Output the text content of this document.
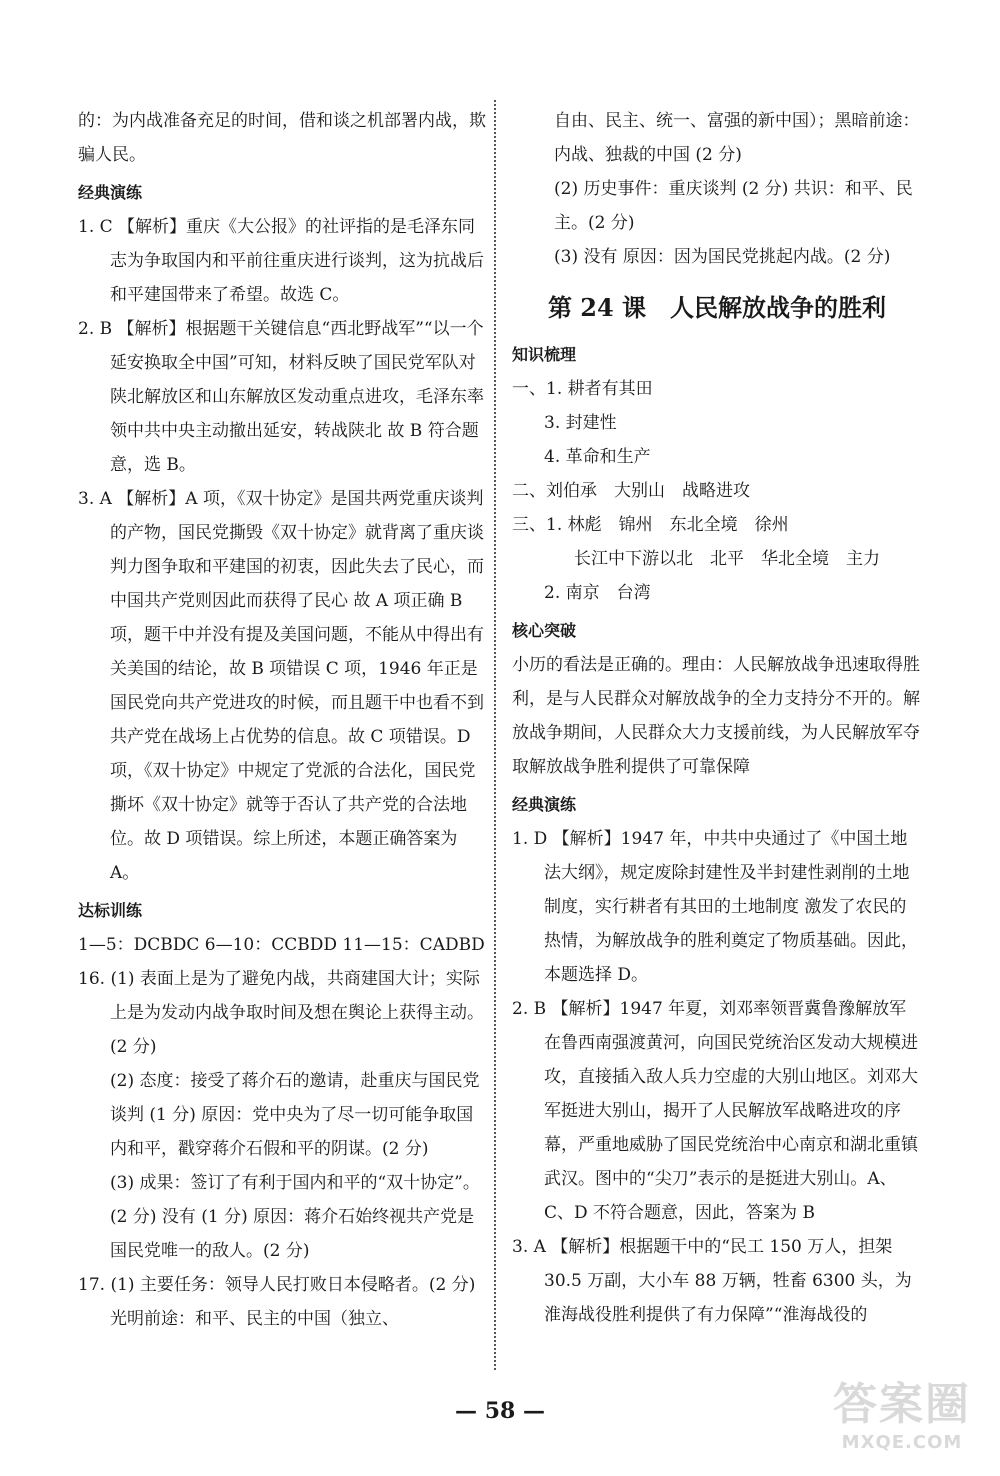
的：为内战准备充足的时间，借和谈之机部署内战，欺骗人民。

经典演练

1. C 【解析】重庆《大公报》的社评指的是毛泽东同志为争取国内和平前往重庆进行谈判，这为抗战后和平建国带来了希望。故选 C。

2. B 【解析】根据题干关键信息“西北野战军”“以一个延安换取全中国”可知，材料反映了国民党军队对陕北解放区和山东解放区发动重点进攻，毛泽东率领中共中央主动撤出延安，转战陕北 故 B 符合题意，选 B。

3. A 【解析】A 项，《双十协定》是国共两党重庆谈判的产物，国民党撕毁《双十协定》就背离了重庆谈判力图争取和平建国的初衷，因此失去了民心，而中国共产党则因此而获得了民心 故 A 项正确 B 项，题干中并没有提及美国问题，不能从中得出有关美国的结论，故 B 项错误 C 项，1946 年正是国民党向共产党进攻的时候，而且题干中也看不到共产党在战场上占优势的信息。故 C 项错误。D 项，《双十协定》中规定了党派的合法化，国民党撕坏《双十协定》就等于否认了共产党的合法地位。故 D 项错误。综上所述，本题正确答案为 A。

达标训练

1—5：DCBDC 6—10：CCBDD 11—15：CADBD

16. (1) 表面上是为了避免内战，共商建国大计；实际上是为发动内战争取时间及想在舆论上获得主动。(2 分)

(2) 态度：接受了蒋介石的邀请，赴重庆与国民党谈判 (1 分) 原因：党中央为了尽一切可能争取国内和平，戳穿蒋介石假和平的阴谋。(2 分)

(3) 成果：签订了有利于国内和平的“双十协定”。(2 分) 没有 (1 分) 原因：蒋介石始终视共产党是国民党唯一的敌人。(2 分)

17. (1) 主要任务：领导人民打败日本侵略者。(2 分) 光明前途：和平、民主的中国（独立、

自由、民主、统一、富强的新中国）；黑暗前途：内战、独裁的中国 (2 分)

(2) 历史事件：重庆谈判 (2 分) 共识：和平、民主。(2 分)

(3) 没有 原因：因为国民党挑起内战。(2 分)

第 24 课　人民解放战争的胜利

知识梳理

一、1. 耕者有其田

3. 封建性

4. 革命和生产

二、刘伯承　大别山　战略进攻

三、1. 林彪　锦州　东北全境　徐州

长江中下游以北　北平　华北全境　主力

2. 南京　台湾

核心突破

小历的看法是正确的。理由：人民解放战争迅速取得胜利，是与人民群众对解放战争的全力支持分不开的。解放战争期间，人民群众大力支援前线，为人民解放军夺取解放战争胜利提供了可靠保障

经典演练

1. D 【解析】1947 年，中共中央通过了《中国土地法大纲》，规定废除封建性及半封建性剥削的土地制度，实行耕者有其田的土地制度 激发了农民的热情，为解放战争的胜利奠定了物质基础。因此，本题选择 D。

2. B 【解析】1947 年夏，刘邓率领晋冀鲁豫解放军在鲁西南强渡黄河，向国民党统治区发动大规模进攻，直接插入敌人兵力空虚的大别山地区。刘邓大军挺进大别山，揭开了人民解放军战略进攻的序幕，严重地威胁了国民党统治中心南京和湖北重镇武汉。图中的“尖刀”表示的是挺进大别山。A、C、D 不符合题意，因此，答案为 B

3. A 【解析】根据题干中的“民工 150 万人，担架 30.5 万副，大小车 88 万辆，牲畜 6300 头，为淮海战役胜利提供了有力保障”“淮海战役的

— 58 —	答案圈
MXQE.COM
